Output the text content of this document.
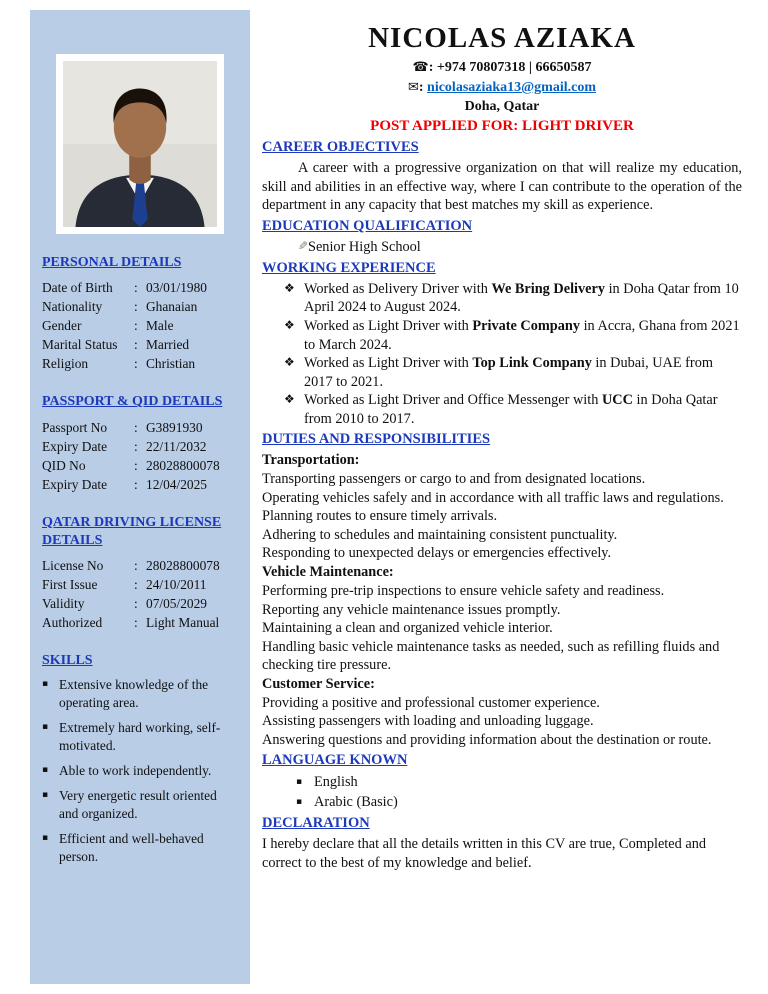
PERSONAL DETAILS
Date of Birth	: 03/01/1980
Nationality	: Ghanaian
Gender	: Male
Marital Status	: Married
Religion	: Christian
PASSPORT & QID DETAILS
Passport No	: G3891930
Expiry Date	: 22/11/2032
QID No	: 28028800078
Expiry Date	: 12/04/2025
QATAR DRIVING LICENSE DETAILS
License No	: 28028800078
First Issue	: 24/10/2011
Validity	: 07/05/2029
Authorized	: Light Manual
SKILLS
▪ Extensive knowledge of the operating area.
▪ Extremely hard working, self-motivated.
▪ Able to work independently.
▪ Very energetic result oriented and organized.
▪ Efficient and well-behaved person.
NICOLAS AZIAKA
☎: +974 70807318 | 66650587
✉: nicolasaziaka13@gmail.com
Doha, Qatar
POST APPLIED FOR: LIGHT DRIVER
CAREER OBJECTIVES

A career with a progressive organization on that will realize my education, skill and abilities in an effective way, where I can contribute to the operation of the department in any capacity that best matches my skill as experience.

EDUCATION QUALIFICATION
✎ Senior High School
WORKING EXPERIENCE
❖ Worked as Delivery Driver with We Bring Delivery in Doha Qatar from 10 April 2024 to August 2024.
❖ Worked as Light Driver with Private Company in Accra, Ghana from 2021 to March 2024.
❖ Worked as Light Driver with Top Link Company in Dubai, UAE from 2017 to 2021.
❖ Worked as Light Driver and Office Messenger with UCC in Doha Qatar from 2010 to 2017.
DUTIES AND RESPONSIBILITIES
Transportation:
Transporting passengers or cargo to and from designated locations.
Operating vehicles safely and in accordance with all traffic laws and regulations.
Planning routes to ensure timely arrivals.
Adhering to schedules and maintaining consistent punctuality.
Responding to unexpected delays or emergencies effectively.
Vehicle Maintenance:
Performing pre-trip inspections to ensure vehicle safety and readiness.
Reporting any vehicle maintenance issues promptly.
Maintaining a clean and organized vehicle interior.
Handling basic vehicle maintenance tasks as needed, such as refilling fluids and checking tire pressure.
Customer Service:
Providing a positive and professional customer experience.
Assisting passengers with loading and unloading luggage.
Answering questions and providing information about the destination or route.
LANGUAGE KNOWN
▪ English
▪ Arabic (Basic)
DECLARATION

I hereby declare that all the details written in this CV are true, Completed and correct to the best of my knowledge and belief.
